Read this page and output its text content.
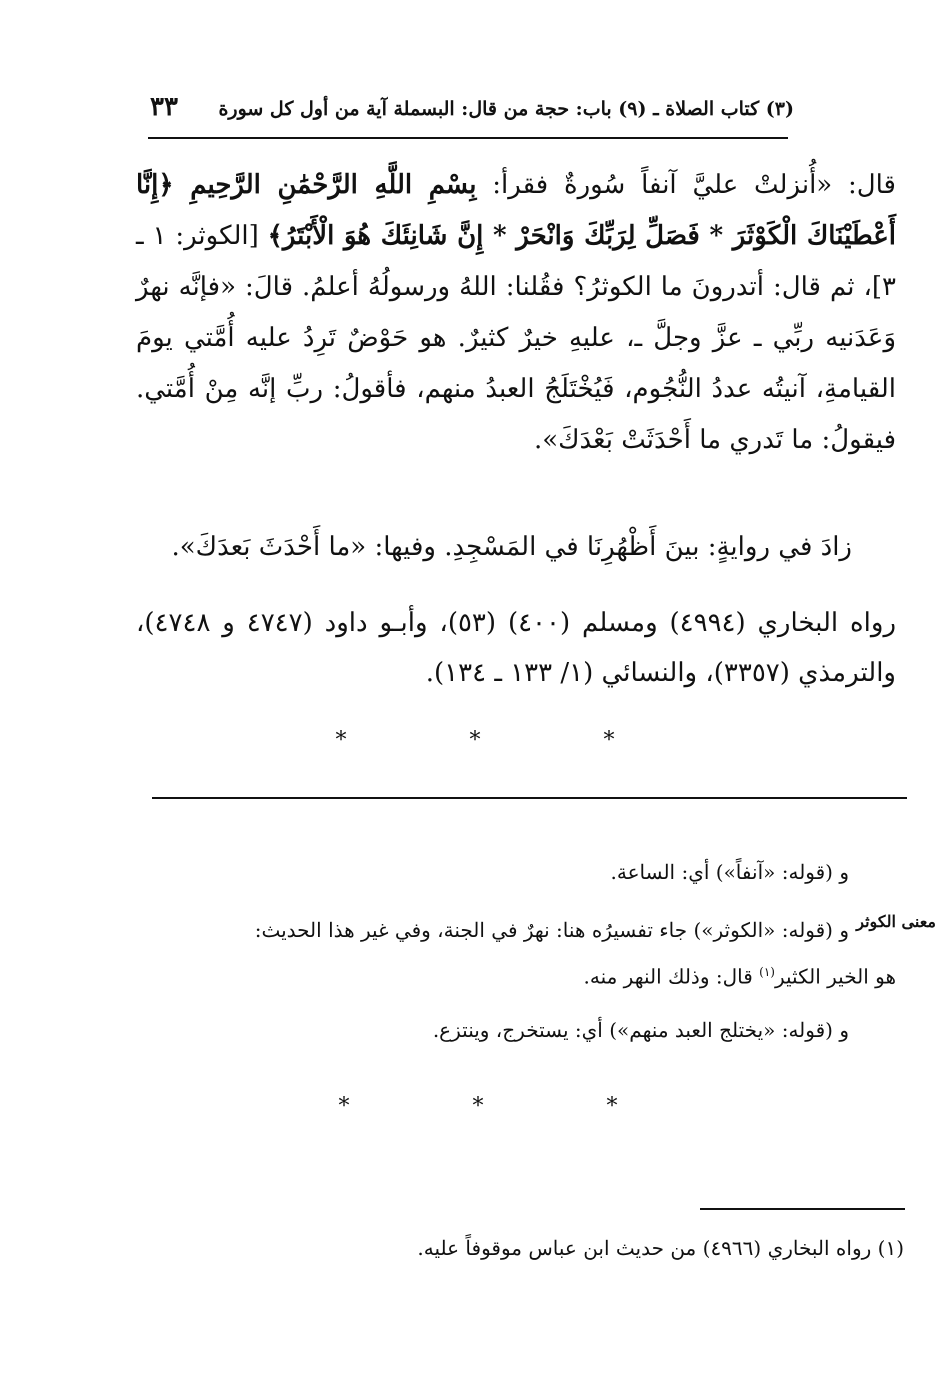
(٣) كتاب الصلاة ـ (٩) باب: حجة من قال: البسملة آية من أول كل سورة
٣٣

قال: «أُنزلتْ عليَّ آنفاً سُورةٌ فقرأ: بِسْمِ اللَّهِ الرَّحْمَٰنِ الرَّحِيمِ ﴿إِنَّا أَعْطَيْنَاكَ الْكَوْثَرَ * فَصَلِّ لِرَبِّكَ وَانْحَرْ * إِنَّ شَانِئَكَ هُوَ الْأَبْتَرُ﴾ [الكوثر: ١ ـ ٣]، ثم قال: أتدرونَ ما الكوثرُ؟ فقُلنا: اللهُ ورسولُهُ أعلمُ. قالَ: «فإنَّه نهرٌ وَعَدَنيه ربِّي ـ عزَّ وجلَّ ـ، عليهِ خيرٌ كثيرٌ. هو حَوْضٌ تَرِدُ عليه أُمَّتي يومَ القيامةِ، آنيتُه عددُ النُّجُوم، فَيُخْتَلَجُ العبدُ منهم، فأقولُ: ربِّ إنَّه مِنْ أُمَّتي. فيقولُ: ما تَدري ما أَحْدَثَتْ بَعْدَكَ».

زادَ في روايةٍ: بينَ أَظْهُرِنَا في المَسْجِدِ. وفيها: «ما أَحْدَثَ بَعدَكَ».
رواه البخاري (٤٩٩٤) ومسلم (٤٠٠) (٥٣)، وأبـو داود (٤٧٤٧ و ٤٧٤٨)، والترمذي (٣٣٥٧)، والنسائي (١/ ١٣٣ ـ ١٣٤).
* * *
و (قوله: «آنفاً») أي: الساعة.
و (قوله: «الكوثر») جاء تفسيرُه هنا: نهرٌ في الجنة، وفي غير هذا الحديث: معنى الكوثر
هو الخير الكثير$^{(١)}$ قال: وذلك النهر منه.
و (قوله: «يختلج العبد منهم») أي: يستخرج، وينتزع.
* * *
(١) رواه البخاري (٤٩٦٦) من حديث ابن عباس موقوفاً عليه.
